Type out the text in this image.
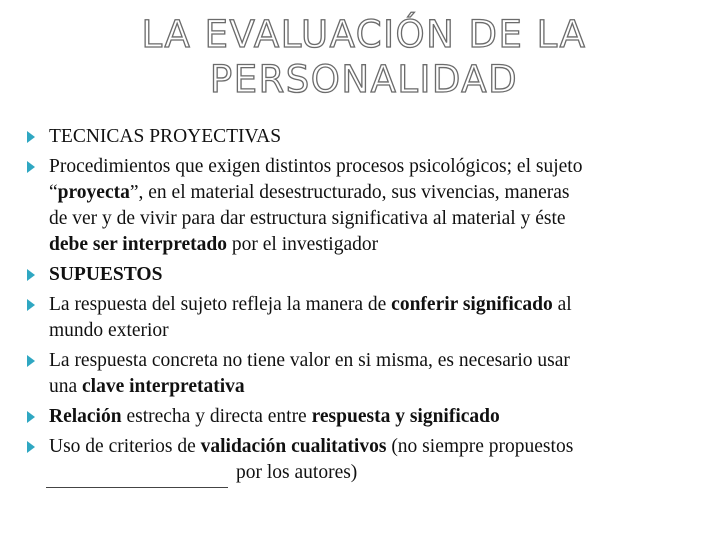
LA EVALUACIÓN DE LA
PERSONALIDAD
TECNICAS PROYECTIVAS
Procedimientos que exigen distintos procesos psicológicos; el sujeto
“proyecta”, en el material desestructurado, sus vivencias, maneras
de ver y de vivir para dar estructura significativa al material y éste
debe ser interpretado por el investigador
SUPUESTOS
La respuesta del sujeto refleja la manera de conferir significado al
mundo exterior
La respuesta concreta no tiene valor en si misma, es necesario usar
una clave interpretativa
Relación estrecha y directa entre respuesta y significado
Uso de criterios de validación cualitativos (no siempre propuestos
por los autores)
